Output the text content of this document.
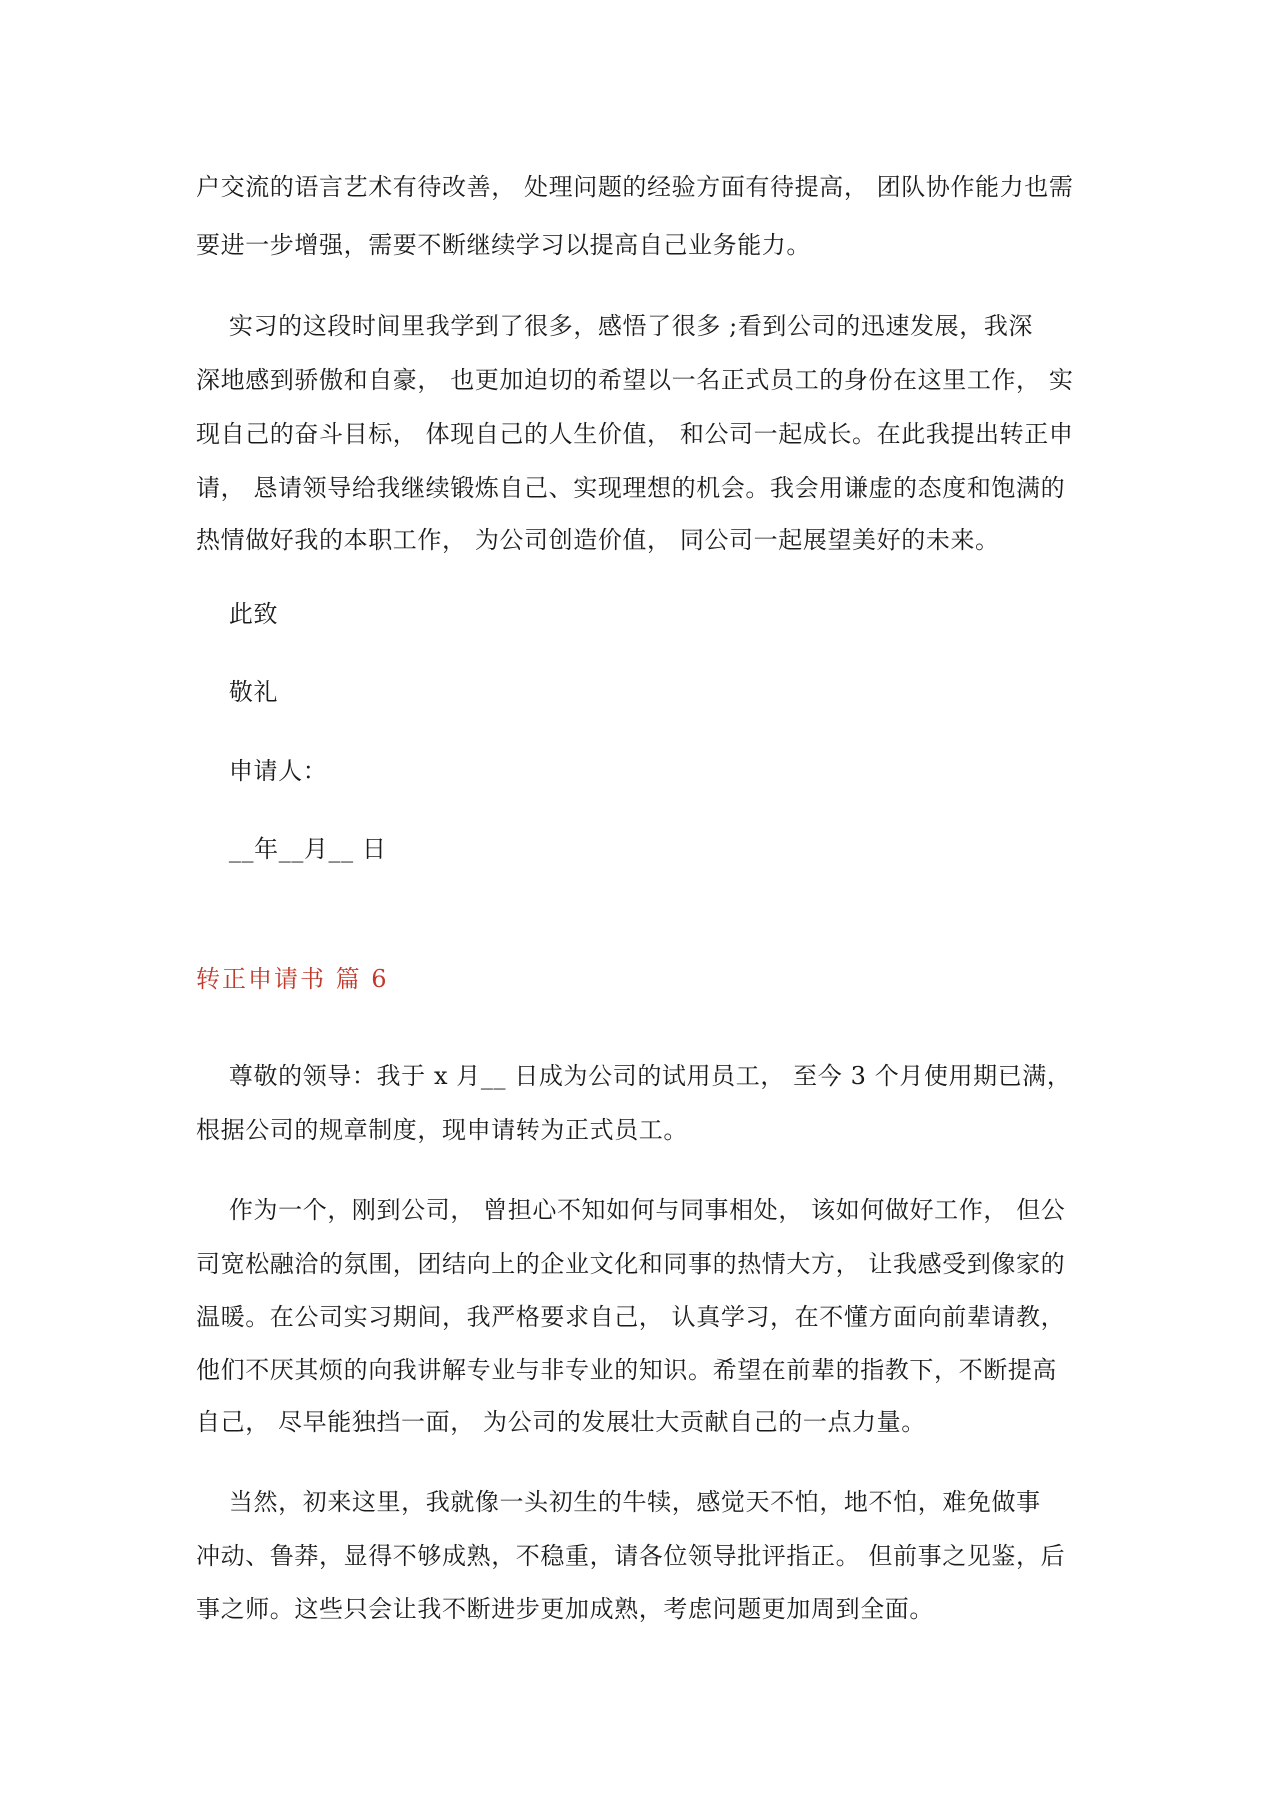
户交流的语言艺术有待改善， 处理问题的经验方面有待提高， 团队协作能力也需
要进一步增强，需要不断继续学习以提高自己业务能力。
实习的这段时间里我学到了很多，感悟了很多 ;看到公司的迅速发展，我深
深地感到骄傲和自豪， 也更加迫切的希望以一名正式员工的身份在这里工作， 实
现自己的奋斗目标， 体现自己的人生价值， 和公司一起成长。在此我提出转正申
请， 恳请领导给我继续锻炼自己、实现理想的机会。我会用谦虚的态度和饱满的
热情做好我的本职工作， 为公司创造价值， 同公司一起展望美好的未来。
此致
敬礼
申请人：
__年__月__ 日
转正申请书 篇 6
尊敬的领导：我于 x 月__ 日成为公司的试用员工， 至今 3 个月使用期已满，
根据公司的规章制度，现申请转为正式员工。
作为一个，刚到公司， 曾担心不知如何与同事相处， 该如何做好工作， 但公
司宽松融洽的氛围，团结向上的企业文化和同事的热情大方， 让我感受到像家的
温暖。在公司实习期间，我严格要求自己， 认真学习，在不懂方面向前辈请教，
他们不厌其烦的向我讲解专业与非专业的知识。希望在前辈的指教下，不断提高
自己， 尽早能独挡一面， 为公司的发展壮大贡献自己的一点力量。
当然，初来这里，我就像一头初生的牛犊，感觉天不怕，地不怕，难免做事
冲动、鲁莽，显得不够成熟，不稳重，请各位领导批评指正。 但前事之见鉴，后
事之师。这些只会让我不断进步更加成熟，考虑问题更加周到全面。
